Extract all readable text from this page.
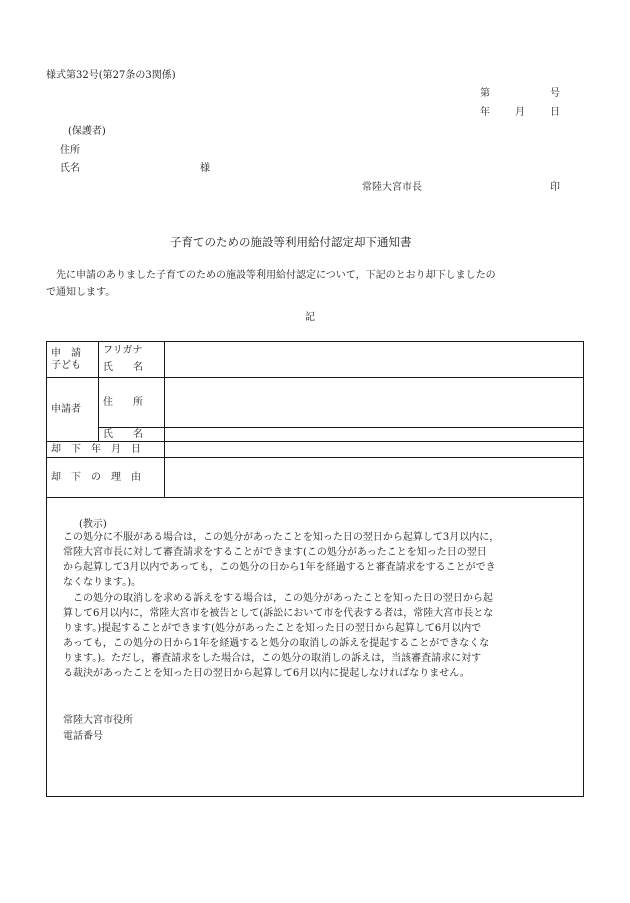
様式第32号(第27条の3関係)
第	号
年	月	日
(保護者)
住所
氏名	様
常陸大宮市長	印
子育てのための施設等利用給付認定却下通知書
　先に申請のありました子育てのための施設等利用給付認定について，下記のとおり却下しましたの
で通知します。
記
申　請
子ども	フリガナ	
	氏　　名	
申請者	住　　所	
	氏　　名	
却　下　年　月　日		
却　下　の　理　由		
(教示)
この処分に不服がある場合は，この処分があったことを知った日の翌日から起算して3月以内に，
常陸大宮市長に対して審査請求をすることができます(この処分があったことを知った日の翌日
から起算して3月以内であっても，この処分の日から1年を経過すると審査請求をすることができ
なくなります。)。
　この処分の取消しを求める訴えをする場合は，この処分があったことを知った日の翌日から起
算して6月以内に，常陸大宮市を被告として(訴訟において市を代表する者は，常陸大宮市長とな
ります。)提起することができます(処分があったことを知った日の翌日から起算して6月以内で
あっても，この処分の日から1年を経過すると処分の取消しの訴えを提起することができなくな
ります。)。ただし，審査請求をした場合は，この処分の取消しの訴えは，当該審査請求に対す
る裁決があったことを知った日の翌日から起算して6月以内に提起しなければなりません。
常陸大宮市役所
電話番号
